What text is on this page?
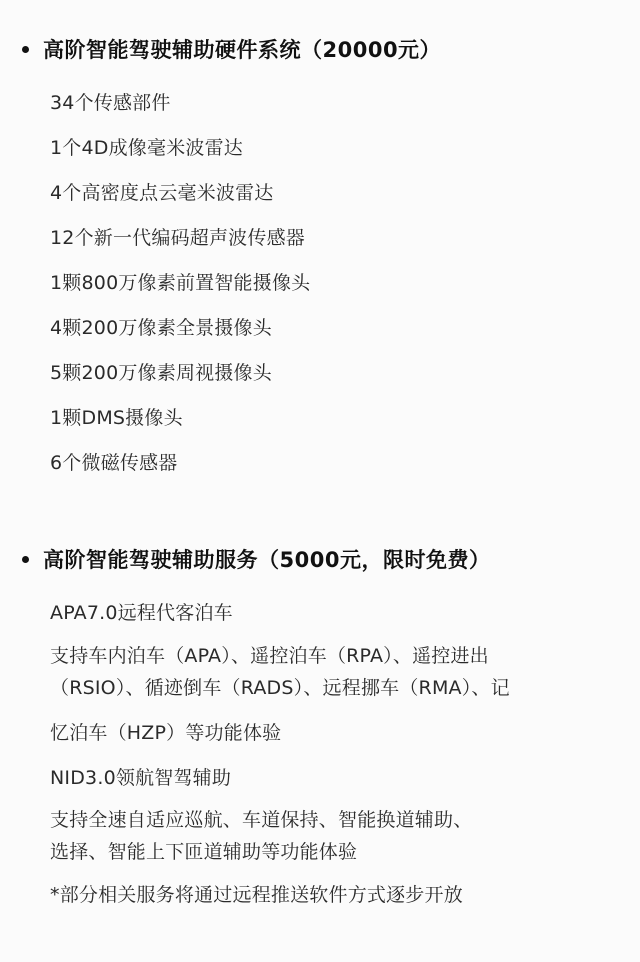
高阶智能驾驶辅助硬件系统（20000元）
34个传感部件
1个4D成像毫米波雷达
4个高密度点云毫米波雷达
12个新一代编码超声波传感器
1颗800万像素前置智能摄像头
4颗200万像素全景摄像头
5颗200万像素周视摄像头
1颗DMS摄像头
6个微磁传感器
高阶智能驾驶辅助服务（5000元，限时免费）
APA7.0远程代客泊车
支持车内泊车（APA）、遥控泊车（RPA）、遥控进出
（RSIO）、循迹倒车（RADS）、远程挪车（RMA）、记
忆泊车（HZP）等功能体验
NID3.0领航智驾辅助
支持全速自适应巡航、车道保持、智能换道辅助、
选择、智能上下匝道辅助等功能体验
*部分相关服务将通过远程推送软件方式逐步开放
